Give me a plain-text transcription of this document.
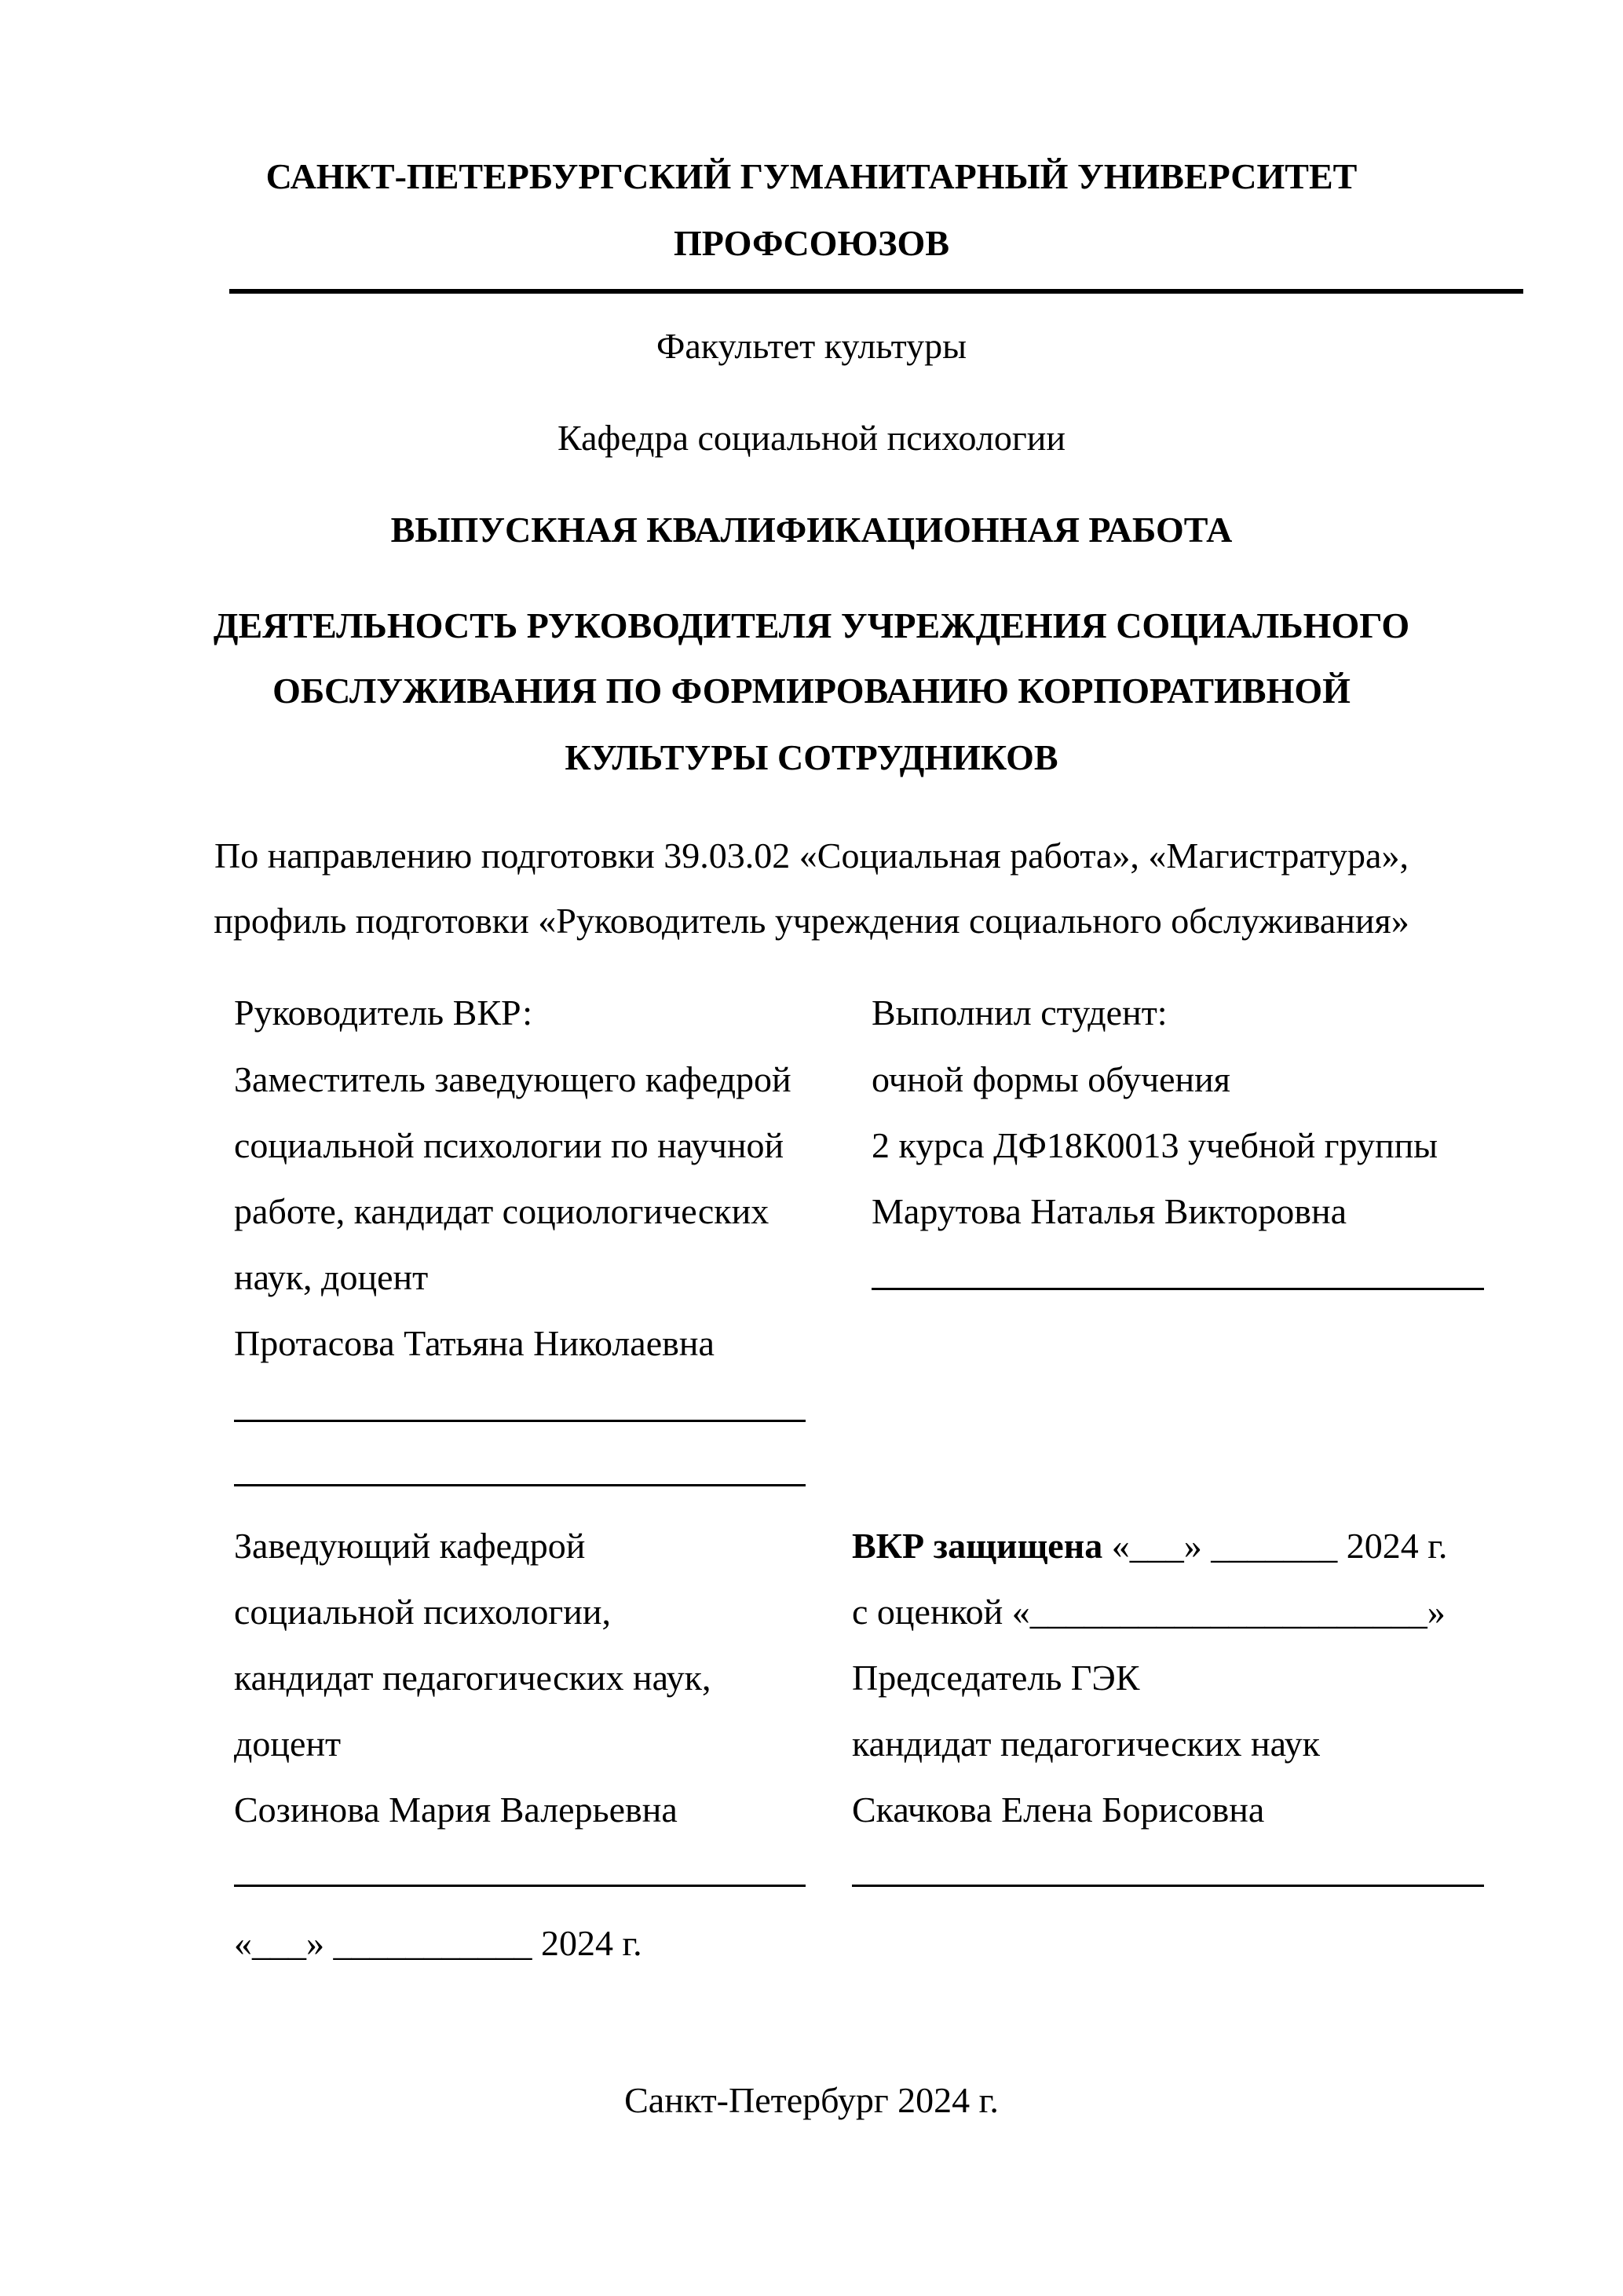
САНКТ-ПЕТЕРБУРГСКИЙ ГУМАНИТАРНЫЙ УНИВЕРСИТЕТ
ПРОФСОЮЗОВ
Факультет культуры
Кафедра социальной психологии
ВЫПУСКНАЯ КВАЛИФИКАЦИОННАЯ РАБОТА
ДЕЯТЕЛЬНОСТЬ РУКОВОДИТЕЛЯ УЧРЕЖДЕНИЯ СОЦИАЛЬНОГО
ОБСЛУЖИВАНИЯ ПО ФОРМИРОВАНИЮ КОРПОРАТИВНОЙ
КУЛЬТУРЫ СОТРУДНИКОВ
По направлению подготовки 39.03.02 «Социальная работа», «Магистратура»,
профиль подготовки «Руководитель учреждения социального обслуживания»
Руководитель ВКР:
Заместитель заведующего кафедрой
социальной психологии по научной
работе, кандидат социологических
наук, доцент
Протасова Татьяна Николаевна
Выполнил студент:
очной формы обучения
2 курса ДФ18К0013 учебной группы
Марутова Наталья Викторовна
Заведующий кафедрой
социальной психологии,
кандидат педагогических наук,
доцент
Созинова Мария Валерьевна
«___» ___________ 2024 г.
ВКР защищена «___» _______ 2024 г.
с оценкой «______________________»
Председатель ГЭК
кандидат педагогических наук
Скачкова Елена Борисовна
Санкт-Петербург 2024 г.
